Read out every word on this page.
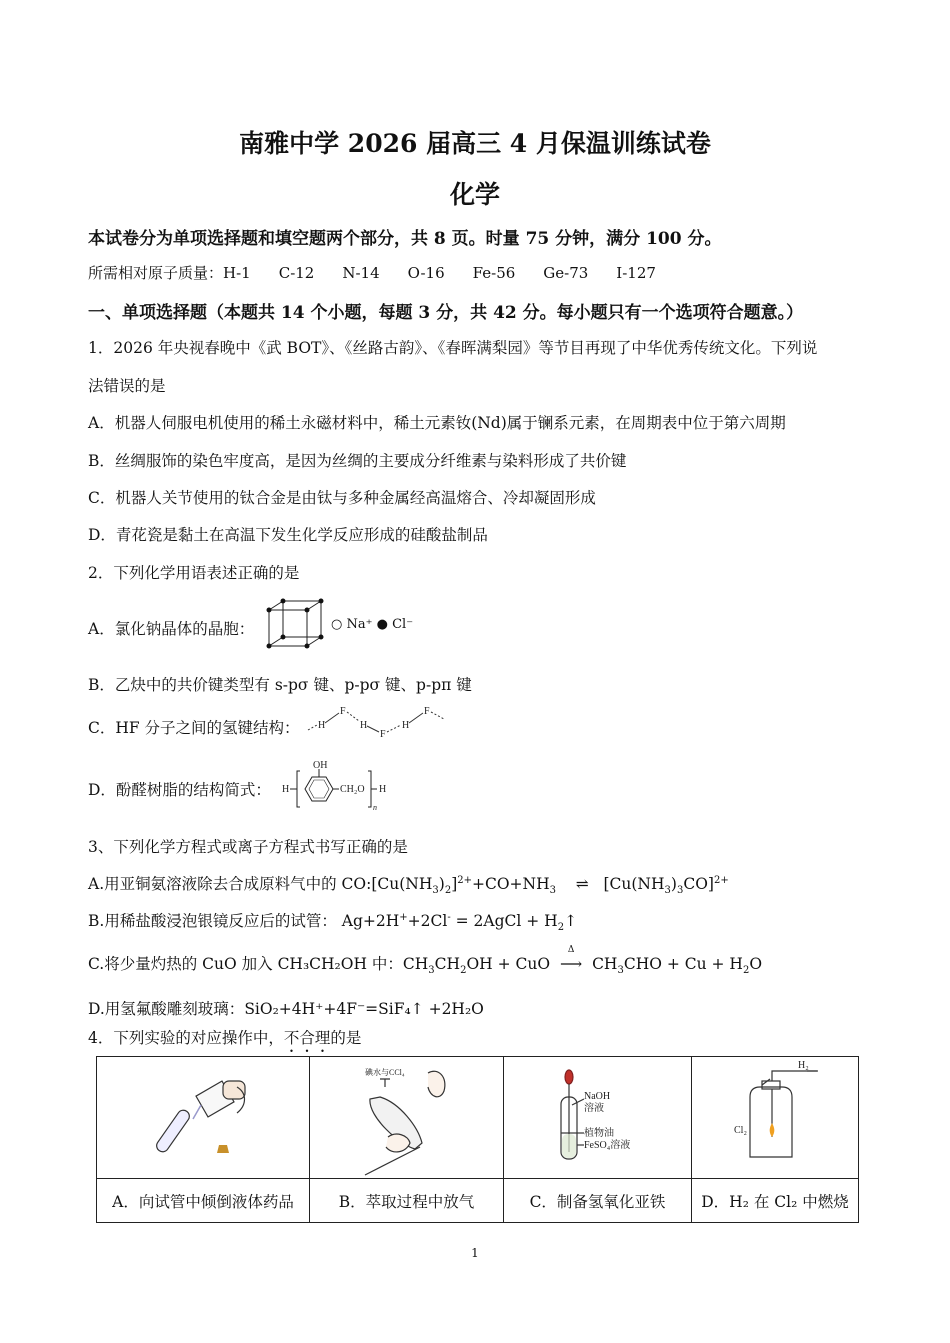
南雅中学 2026 届高三 4 月保温训练试卷
化学
本试卷分为单项选择题和填空题两个部分，共 8 页。时量 75 分钟，满分 100 分。
所需相对原子质量：H-1 C-12 N-14 O-16 Fe-56 Ge-73 I-127
一、单项选择题（本题共 14 个小题，每题 3 分，共 42 分。每小题只有一个选项符合题意。）
1．2026 年央视春晚中《武 BOT》、《丝路古韵》、《春晖满梨园》等节目再现了中华优秀传统文化。下列说
法错误的是
A．机器人伺服电机使用的稀土永磁材料中，稀土元素钕(Nd)属于镧系元素，在周期表中位于第六周期
B．丝绸服饰的染色牢度高，是因为丝绸的主要成分纤维素与染料形成了共价键
C．机器人关节使用的钛合金是由钛与多种金属经高温熔合、冷却凝固形成
D．青花瓷是黏土在高温下发生化学反应形成的硅酸盐制品
2．下列化学用语表述正确的是
A．氯化钠晶体的晶胞：	○ Na⁺ ● Cl⁻
B．乙炔中的共价键类型有 s-pσ 键、p-pσ 键、p-pπ 键
C．HF 分子之间的氢键结构： H
F
H
F
H
F
D．酚醛树脂的结构简式： H
OH
CH₂O H
n
3、下列化学方程式或离子方程式书写正确的是
A.用亚铜氨溶液除去合成原料气中的 $CO:[Cu(NH_3)_2]^{2+}+CO+NH_3$ ⇌   $[Cu(NH_3)_3CO]^{2+}$
B.用稀盐酸浸泡银镜反应后的试管： Ag+2H++2Cl- = 2AgCl + $H_2↑$
C.将少量灼热的 CuO 加入 CH₃CH₂OH 中：$CH_3CH_2OH$ + CuO
Δ
⟶ $CH_3CHO + Cu + H_2O$
D.用氢氟酸雕刻玻璃：SiO₂+4H⁺+4F⁻=SiF₄↑ +2H₂O
4．下列实验的对应操作中，不合理的是

碘水与CCl₄	NaOH
溶液
植物油
FeSO₄溶液	H₂
Cl₂

A．向试管中倾倒液体药品	B．萃取过程中放气	C．制备氢氧化亚铁	D．H₂ 在 Cl₂ 中燃烧
1
